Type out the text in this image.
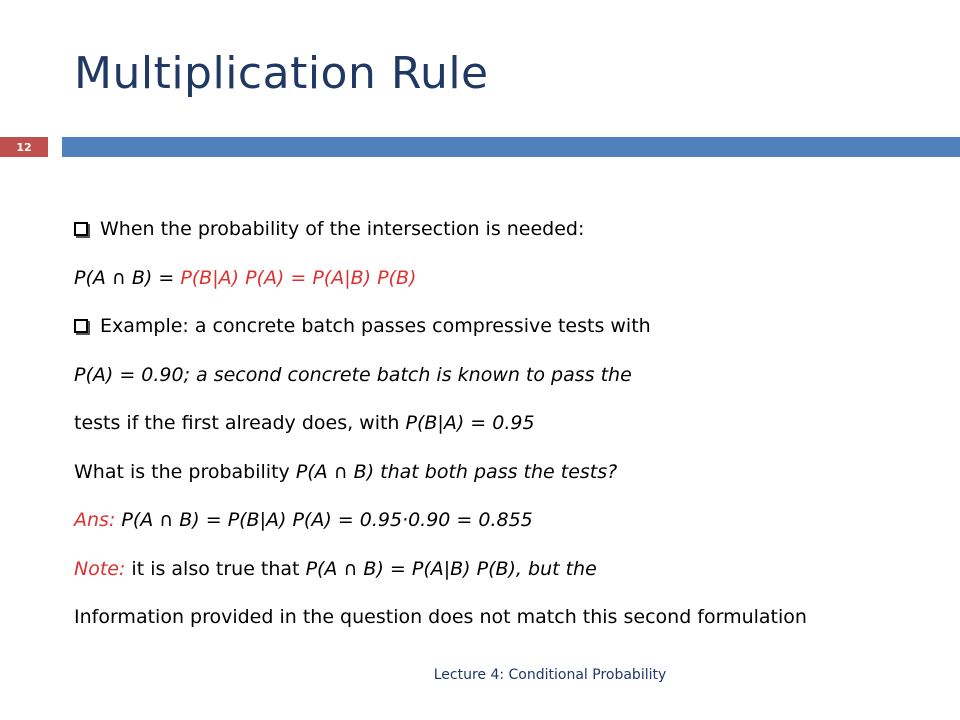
Multiplication Rule
12
When the probability of the intersection is needed:
P(A ∩ B) = P(B|A) P(A) = P(A|B) P(B)
Example: a concrete batch passes compressive tests with
P(A) = 0.90; a second concrete batch is known to pass the
tests if the first already does, with P(B|A) = 0.95
What is the probability P(A ∩ B) that both pass the tests?
Ans: P(A ∩ B) = P(B|A) P(A) = 0.95·0.90 = 0.855
Note: it is also true that P(A ∩ B) = P(A|B) P(B), but the
Information provided in the question does not match this second formulation
Lecture 4: Conditional Probability
